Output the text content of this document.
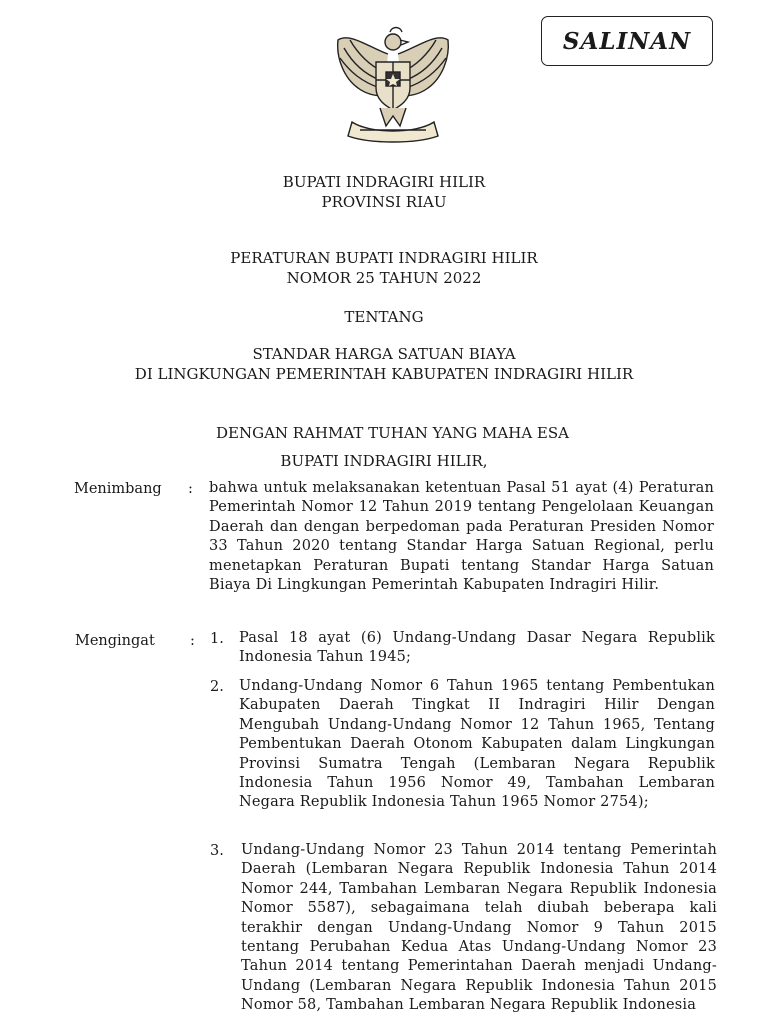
SALINAN
BUPATI INDRAGIRI HILIR
PROVINSI RIAU
PERATURAN BUPATI INDRAGIRI HILIR
NOMOR 25 TAHUN 2022
TENTANG
STANDAR HARGA SATUAN BIAYA
DI LINGKUNGAN PEMERINTAH KABUPATEN INDRAGIRI HILIR
DENGAN RAHMAT TUHAN YANG MAHA ESA
BUPATI INDRAGIRI HILIR,
Menimbang : bahwa untuk melaksanakan ketentuan Pasal 51 ayat (4) Peraturan Pemerintah Nomor 12 Tahun 2019 tentang Pengelolaan Keuangan Daerah dan dengan berpedoman pada Peraturan Presiden Nomor 33 Tahun 2020 tentang Standar Harga Satuan Regional, perlu menetapkan Peraturan Bupati tentang Standar Harga Satuan Biaya Di Lingkungan Pemerintah Kabupaten Indragiri Hilir.
Mengingat : 1. Pasal 18 ayat (6) Undang-Undang Dasar Negara Republik Indonesia Tahun 1945;
2. Undang-Undang Nomor 6 Tahun 1965 tentang Pembentukan Kabupaten Daerah Tingkat II Indragiri Hilir Dengan Mengubah Undang-Undang Nomor 12 Tahun 1965, Tentang Pembentukan Daerah Otonom Kabupaten dalam Lingkungan Provinsi Sumatra Tengah (Lembaran Negara Republik Indonesia Tahun 1956 Nomor 49, Tambahan Lembaran Negara Republik Indonesia Tahun 1965 Nomor 2754);
3. Undang-Undang Nomor 23 Tahun 2014 tentang Pemerintah Daerah (Lembaran Negara Republik Indonesia Tahun 2014 Nomor 244, Tambahan Lembaran Negara Republik Indonesia Nomor 5587), sebagaimana telah diubah beberapa kali terakhir dengan Undang-Undang Nomor 9 Tahun 2015 tentang Perubahan Kedua Atas Undang-Undang Nomor 23 Tahun 2014 tentang Pemerintahan Daerah menjadi Undang-Undang (Lembaran Negara Republik Indonesia Tahun 2015 Nomor 58, Tambahan Lembaran Negara Republik Indonesia
